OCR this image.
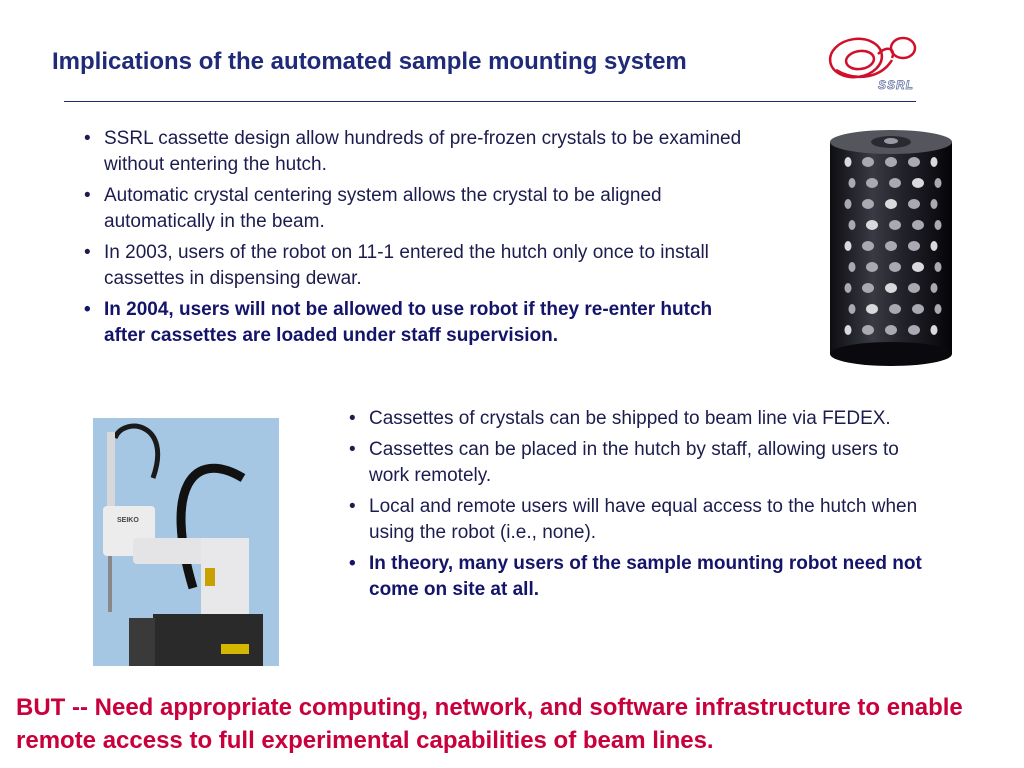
Implications of the automated sample mounting system
SSRL
• SSRL cassette design allow hundreds of pre-frozen crystals to be examined without entering the hutch.
• Automatic crystal centering system allows the crystal to be aligned automatically in the beam.
• In 2003, users of the robot on 11-1 entered the hutch only once to install cassettes in dispensing dewar.
• In 2004, users will not be allowed to use robot if they re-enter hutch after cassettes are loaded under staff supervision.
• Cassettes of crystals can be shipped to beam line via FEDEX.
• Cassettes can be placed in the hutch by staff, allowing users to work remotely.
• Local and remote users will have equal access to the hutch when using the robot (i.e., none).
• In theory, many users of the sample mounting robot need not come on site at all.
SEIKO

BUT -- Need appropriate computing, network, and software infrastructure to enable remote access to full experimental capabilities of beam lines.
